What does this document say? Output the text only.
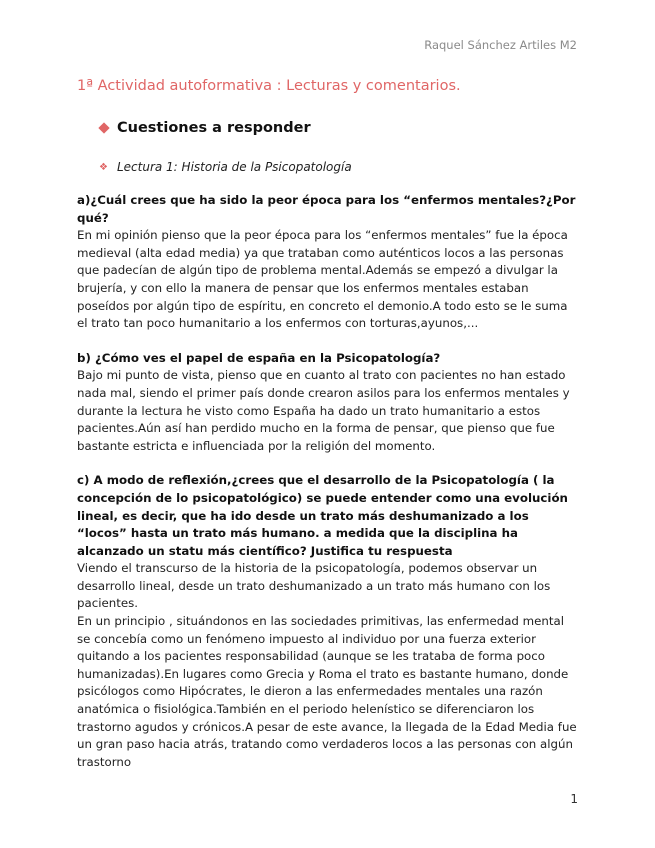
Raquel Sánchez Artiles M2
1ª Actividad autoformativa : Lecturas y comentarios.
Cuestiones a responder
❖ Lectura 1: Historia de la Psicopatología
a)¿Cuál crees que ha sido la peor época para los “enfermos mentales?¿Por qué?
En mi opinión pienso que la peor época para los “enfermos mentales” fue la época medieval (alta edad media) ya que trataban como auténticos locos a las personas que padecían de algún tipo de problema mental.Además se empezó a divulgar la brujería, y con ello la manera de pensar que los enfermos mentales estaban poseídos por algún tipo de espíritu, en concreto el demonio.A todo esto se le suma el trato tan poco humanitario a los enfermos con torturas,ayunos,...
b) ¿Cómo ves el papel de españa en la Psicopatología?
Bajo mi punto de vista, pienso que en cuanto al trato con pacientes no han estado nada mal, siendo el primer país donde crearon asilos para los enfermos mentales y durante la lectura he visto como España ha dado un trato humanitario a estos pacientes.Aún así han perdido mucho en la forma de pensar, que pienso que fue bastante estricta e influenciada por la religión del momento.
c) A modo de reflexión,¿crees que el desarrollo de la Psicopatología ( la concepción de lo psicopatológico) se puede entender como una evolución lineal, es decir, que ha ido desde un trato más deshumanizado a los “locos” hasta un trato más humano. a medida que la disciplina ha alcanzado un statu más científico? Justifica tu respuesta
Viendo el transcurso de la historia de la psicopatología, podemos observar un desarrollo lineal, desde un trato deshumanizado a un trato más humano con los pacientes.
En un principio , situándonos en las sociedades primitivas, las enfermedad mental se concebía como un fenómeno impuesto al individuo por una fuerza exterior quitando a los pacientes responsabilidad (aunque se les trataba de forma poco humanizadas).En lugares como Grecia y Roma el trato es bastante humano, donde psicólogos como Hipócrates, le dieron a las enfermedades mentales una razón anatómica o fisiológica.También en el periodo helenístico se diferenciaron los trastorno agudos y crónicos.A pesar de este avance, la llegada de la Edad Media fue un gran paso hacia atrás, tratando como verdaderos locos a las personas con algún trastorno
1
